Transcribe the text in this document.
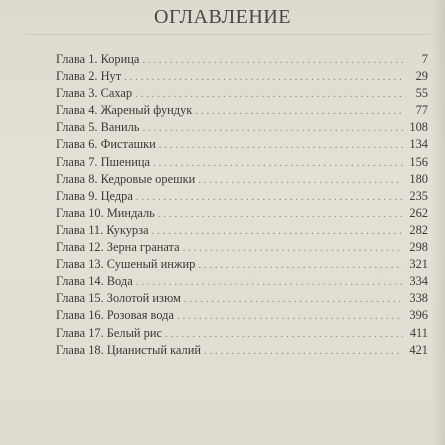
ОГЛАВЛЕНИЕ
Глава 1. Корица . . .	7
Глава 2. Нут . . .	29
Глава 3. Сахар . . .	55
Глава 4. Жареный фундук . . .	77
Глава 5. Ваниль . . .	108
Глава 6. Фисташки . . .	134
Глава 7. Пшеница . . .	156
Глава 8. Кедровые орешки . . .	180
Глава 9. Цедра . . .	235
Глава 10. Миндаль . . .	262
Глава 11. Кукурза . . .	282
Глава 12. Зерна граната . . .	298
Глава 13. Сушеный инжир . . .	321
Глава 14. Вода . . .	334
Глава 15. Золотой изюм . . .	338
Глава 16. Розовая вода . . .	396
Глава 17. Белый рис . . .	411
Глава 18. Цианистый калий . . .	421
